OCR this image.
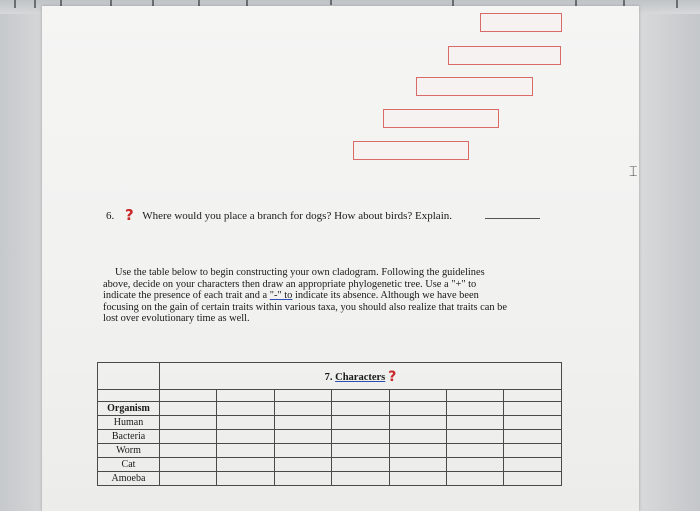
⌶
6. ? Where would you place a branch for dogs? How about birds? Explain.
Use the table below to begin constructing your own cladogram. Following the guidelines
above, decide on your characters then draw an appropriate phylogenetic tree. Use a "+" to
indicate the presence of each trait and a "-" to indicate its absence. Although we have been
focusing on the gain of certain traits within various taxa, you should also realize that traits can be
lost over evolutionary time as well.

	7. Characters ?						

Organism							
Human							
Bacteria							
Worm							
Cat							
Amoeba							
